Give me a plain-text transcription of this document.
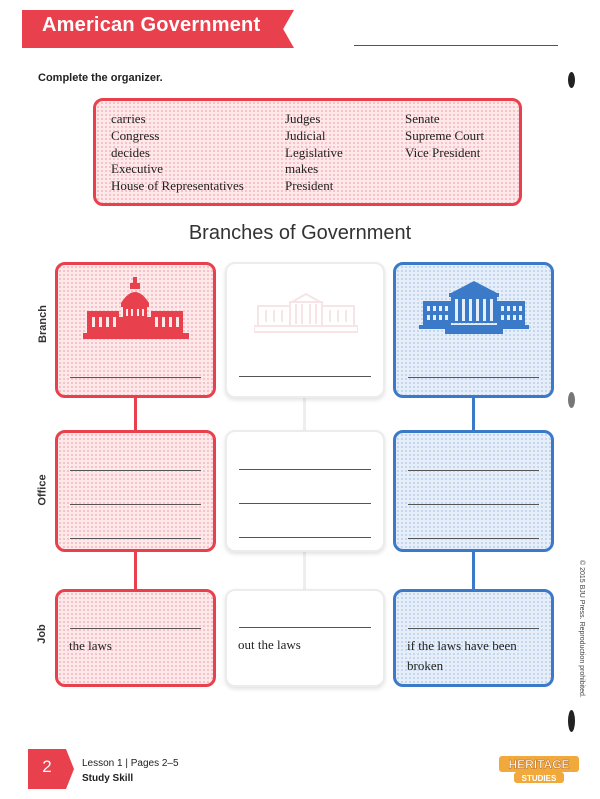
American Government
Complete the organizer.
carries
Congress
decides
Executive
House of Representatives
Judges
Judicial
Legislative
makes
President
Senate
Supreme Court
Vice President
Branches of Government
Branch
Office
Job
the laws	out the laws	if the laws have been
broken	© 2015 BJU Press. Reproduction prohibited.
2	Lesson 1 | Pages 2–5
Study Skill
HERITAGE
STUDIES
